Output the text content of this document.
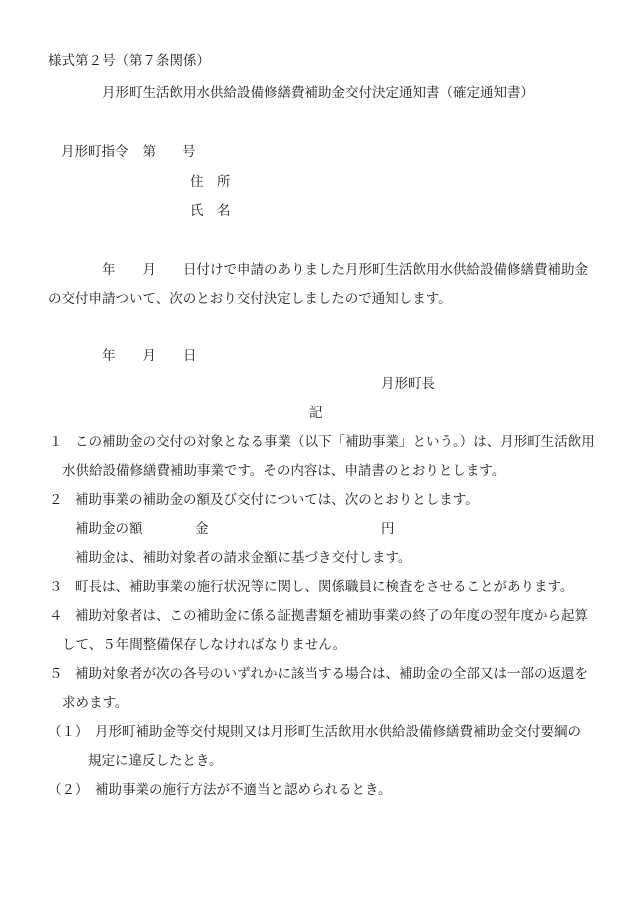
様式第２号（第７条関係）
月形町生活飲用水供給設備修繕費補助金交付決定通知書（確定通知書）
月形町指令 第 号
住　所
氏　名
年 月 日付けで申請のありました月形町生活飲用水供給設備修繕費補助金
の交付申請ついて、次のとおり交付決定しましたので通知します。
年 月 日
月形町長
記
１ この補助金の交付の対象となる事業（以下「補助事業」という。）は、月形町生活飲用
水供給設備修繕費補助事業です。その内容は、申請書のとおりとします。
２ 補助事業の補助金の額及び交付については、次のとおりとします。
補助金の額	金	円
補助金は、補助対象者の請求金額に基づき交付します。
３ 町長は、補助事業の施行状況等に関し、関係職員に検査をさせることがあります。
４ 補助対象者は、この補助金に係る証拠書類を補助事業の終了の年度の翌年度から起算
して、５年間整備保存しなければなりません。
５ 補助対象者が次の各号のいずれかに該当する場合は、補助金の全部又は一部の返還を
求めます。
（１） 月形町補助金等交付規則又は月形町生活飲用水供給設備修繕費補助金交付要綱の
規定に違反したとき。
（２） 補助事業の施行方法が不適当と認められるとき。
